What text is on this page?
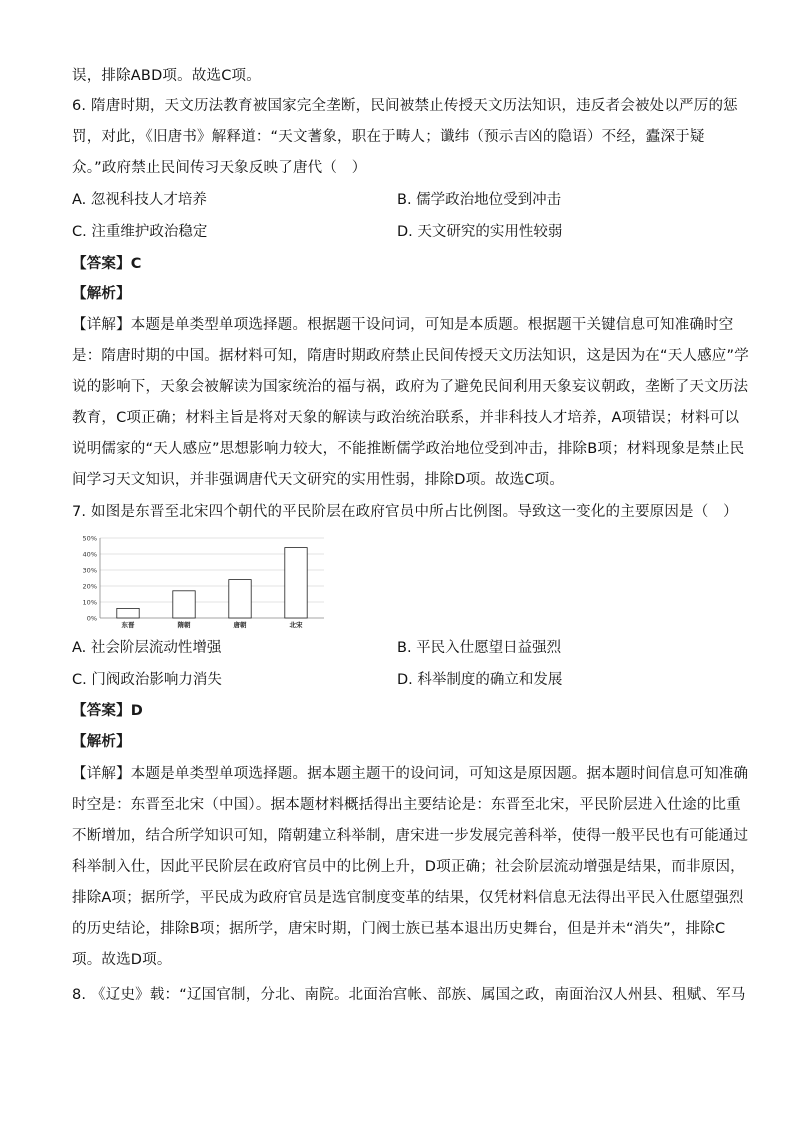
误，排除ABD项。故选C项。
6. 隋唐时期，天文历法教育被国家完全垄断，民间被禁止传授天文历法知识，违反者会被处以严厉的惩
罚，对此，《旧唐书》解释道：“天文蓍象，职在于畴人；谶纬（预示吉凶的隐语）不经，蠹深于疑
众。”政府禁止民间传习天象反映了唐代（　）
A. 忽视科技人才培养	B. 儒学政治地位受到冲击
C. 注重维护政治稳定	D. 天文研究的实用性较弱
【答案】C
【解析】
【详解】本题是单类型单项选择题。根据题干设问词，可知是本质题。根据题干关键信息可知准确时空
是：隋唐时期的中国。据材料可知，隋唐时期政府禁止民间传授天文历法知识，这是因为在“天人感应”学
说的影响下，天象会被解读为国家统治的福与祸，政府为了避免民间利用天象妄议朝政，垄断了天文历法
教育，C项正确；材料主旨是将对天象的解读与政治统治联系，并非科技人才培养，A项错误；材料可以
说明儒家的“天人感应”思想影响力较大，不能推断儒学政治地位受到冲击，排除B项；材料现象是禁止民
间学习天文知识，并非强调唐代天文研究的实用性弱，排除D项。故选C项。
7. 如图是东晋至北宋四个朝代的平民阶层在政府官员中所占比例图。导致这一变化的主要原因是（　）
0%
10%
20%
30%
40%
50%
东晋	隋朝	唐朝	北宋
A. 社会阶层流动性增强	B. 平民入仕愿望日益强烈
C. 门阀政治影响力消失	D. 科举制度的确立和发展
【答案】D
【解析】
【详解】本题是单类型单项选择题。据本题主题干的设问词，可知这是原因题。据本题时间信息可知准确
时空是：东晋至北宋（中国）。据本题材料概括得出主要结论是：东晋至北宋，平民阶层进入仕途的比重
不断增加，结合所学知识可知，隋朝建立科举制，唐宋进一步发展完善科举，使得一般平民也有可能通过
科举制入仕，因此平民阶层在政府官员中的比例上升，D项正确；社会阶层流动增强是结果，而非原因，
排除A项；据所学，平民成为政府官员是选官制度变革的结果，仅凭材料信息无法得出平民入仕愿望强烈
的历史结论，排除B项；据所学，唐宋时期，门阀士族已基本退出历史舞台，但是并未“消失”，排除C
项。故选D项。
8. 《辽史》载：“辽国官制，分北、南院。北面治宫帐、部族、属国之政，南面治汉人州县、租赋、军马
